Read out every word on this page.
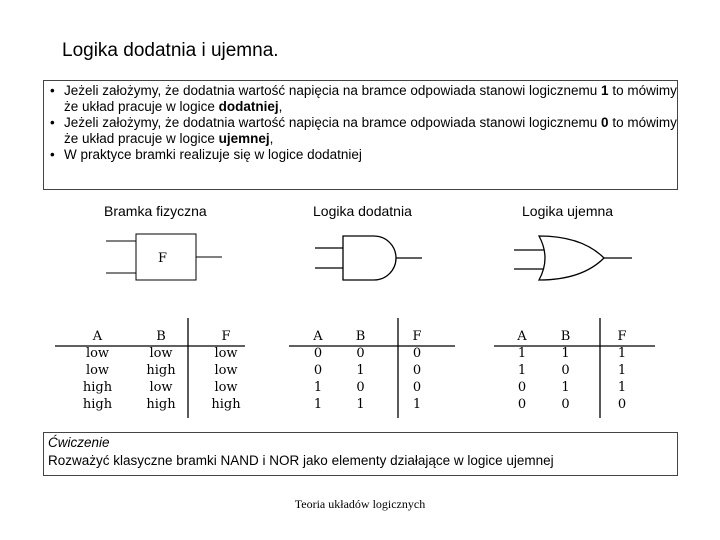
Logika dodatnia i ujemna.
• Jeżeli założymy, że dodatnia wartość napięcia na bramce odpowiada stanowi logicznemu 1 to mówimy że układ pracuje w logice dodatniej,
• Jeżeli założymy, że dodatnia wartość napięcia na bramce odpowiada stanowi logicznemu 0 to mówimy że układ pracuje w logice ujemnej,
• W praktyce bramki realizuje się w logice dodatniej
Bramka fizyczna	Logika dodatnia	Logika ujemna
F
A	B	F
low	low	low
low	high	low
high	low	low
high	high	high
A	B	F
0	0	0
0	1	0
1	0	0
1	1	1
A	B	F
1	1	1
1	0	1
0	1	1
0	0	0
Ćwiczenie
Rozważyć klasyczne bramki NAND i NOR jako elementy działające w logice ujemnej
Teoria układów logicznych
